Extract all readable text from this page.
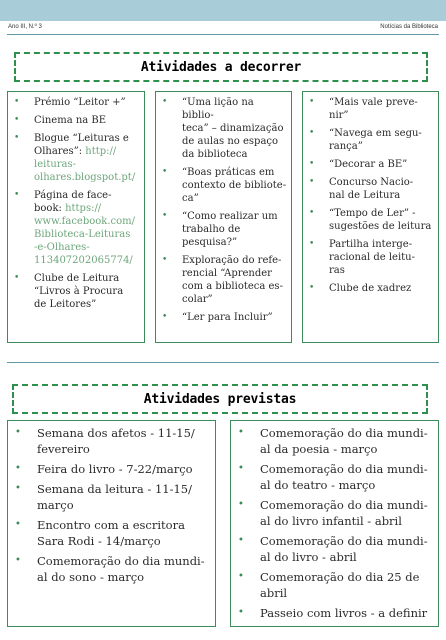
Ano III, N.º 3	Notícias da Biblioteca
Atividades a decorrer
• Prémio “Leitor +”
• Cinema na BE
• Blogue “Leituras e
Olhares”: http://
leituras-
olhares.blogspot.pt/
• Página de face-
book: https://
www.facebook.com/
Biblioteca-Leituras
-e-Olhares-
113407202065774/
• Clube de Leitura
“Livros à Procura
de Leitores”
• “Uma lição na biblio-
teca” – dinamização
de aulas no espaço
da biblioteca
• “Boas práticas em
contexto de bibliote-
ca”
• “Como realizar um
trabalho de pesquisa?”
• Exploração do refe-
rencial “Aprender
com a biblioteca es-
colar”
• “Ler para Incluir”
• “Mais vale preve-
nir”
• “Navega em segu-
rança”
• “Decorar a BE”
• Concurso Nacio-
nal de Leitura
• “Tempo de Ler” -
sugestões de leitura
• Partilha interge-
racional de leitu-
ras
• Clube de xadrez
Atividades previstas
• Semana dos afetos - 11-15/
fevereiro
• Feira do livro - 7-22/março
• Semana da leitura - 11-15/
março
• Encontro com a escritora
Sara Rodi - 14/março
• Comemoração do dia mundi-
al do sono - março
• Comemoração do dia mundi-
al da poesia - março
• Comemoração do dia mundi-
al do teatro - março
• Comemoração do dia mundi-
al do livro infantil - abril
• Comemoração do dia mundi-
al do livro - abril
• Comemoração do dia 25 de
abril
• Passeio com livros - a definir
